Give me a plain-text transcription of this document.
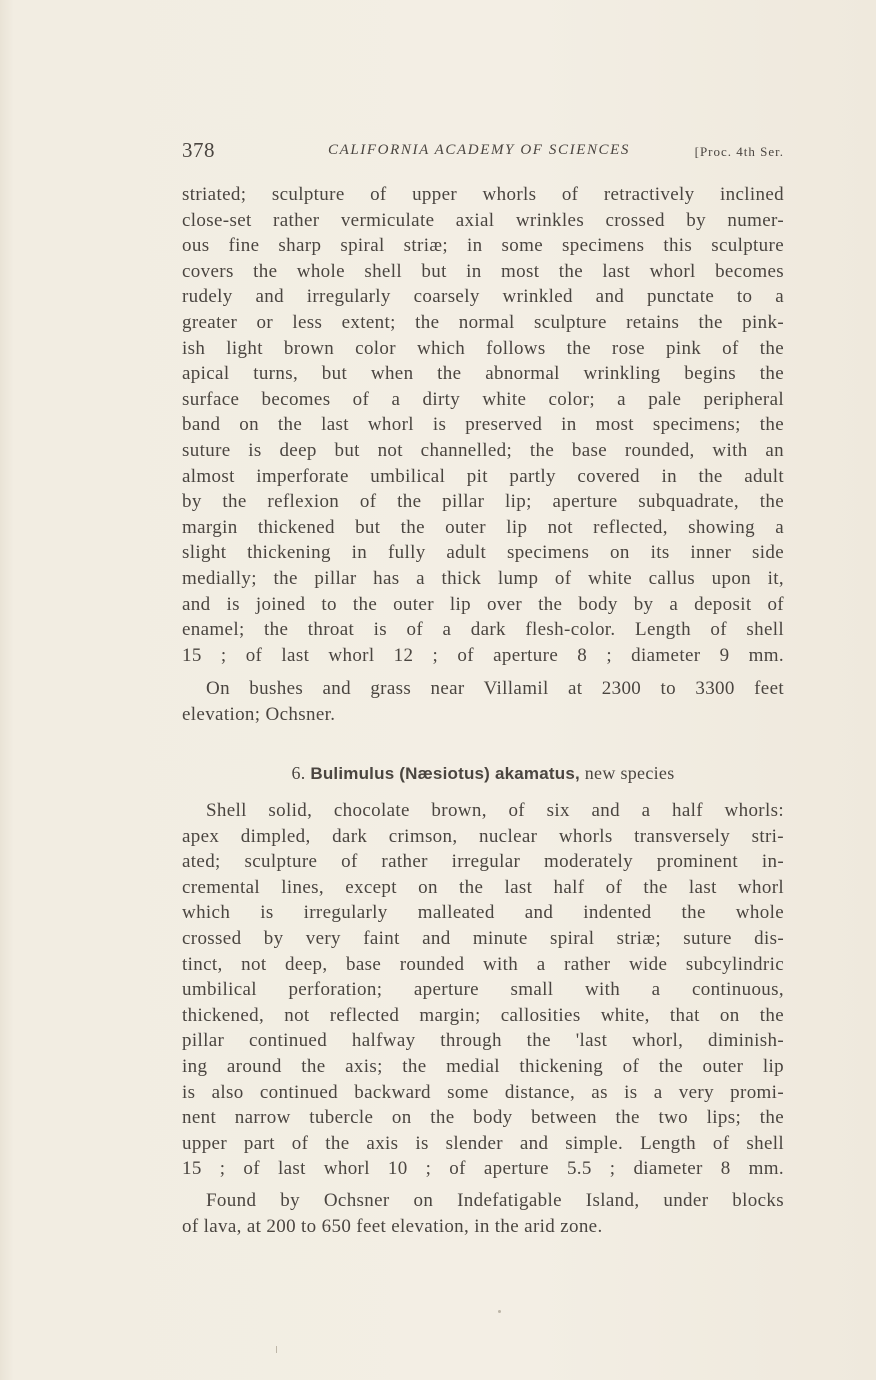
378	CALIFORNIA ACADEMY OF SCIENCES	[Proc. 4th Ser.
striated; sculpture of upper whorls of retractively inclined
close-set rather vermiculate axial wrinkles crossed by numer-
ous fine sharp spiral striæ; in some specimens this sculpture
covers the whole shell but in most the last whorl becomes
rudely and irregularly coarsely wrinkled and punctate to a
greater or less extent; the normal sculpture retains the pink-
ish light brown color which follows the rose pink of the
apical turns, but when the abnormal wrinkling begins the
surface becomes of a dirty white color; a pale peripheral
band on the last whorl is preserved in most specimens; the
suture is deep but not channelled; the base rounded, with an
almost imperforate umbilical pit partly covered in the adult
by the reflexion of the pillar lip; aperture subquadrate, the
margin thickened but the outer lip not reflected, showing a
slight thickening in fully adult specimens on its inner side
medially; the pillar has a thick lump of white callus upon it,
and is joined to the outer lip over the body by a deposit of
enamel; the throat is of a dark flesh-color. Length of shell
15 ; of last whorl 12 ; of aperture 8 ; diameter 9 mm.
On bushes and grass near Villamil at 2300 to 3300 feet
elevation; Ochsner.
6. Bulimulus (Næsiotus) akamatus, new species
Shell solid, chocolate brown, of six and a half whorls:
apex dimpled, dark crimson, nuclear whorls transversely stri-
ated; sculpture of rather irregular moderately prominent in-
cremental lines, except on the last half of the last whorl
which is irregularly malleated and indented the whole
crossed by very faint and minute spiral striæ; suture dis-
tinct, not deep, base rounded with a rather wide subcylindric
umbilical perforation; aperture small with a continuous,
thickened, not reflected margin; callosities white, that on the
pillar continued halfway through the 'last whorl, diminish-
ing around the axis; the medial thickening of the outer lip
is also continued backward some distance, as is a very promi-
nent narrow tubercle on the body between the two lips; the
upper part of the axis is slender and simple. Length of shell
15 ; of last whorl 10 ; of aperture 5.5 ; diameter 8 mm.
Found by Ochsner on Indefatigable Island, under blocks
of lava, at 200 to 650 feet elevation, in the arid zone.
